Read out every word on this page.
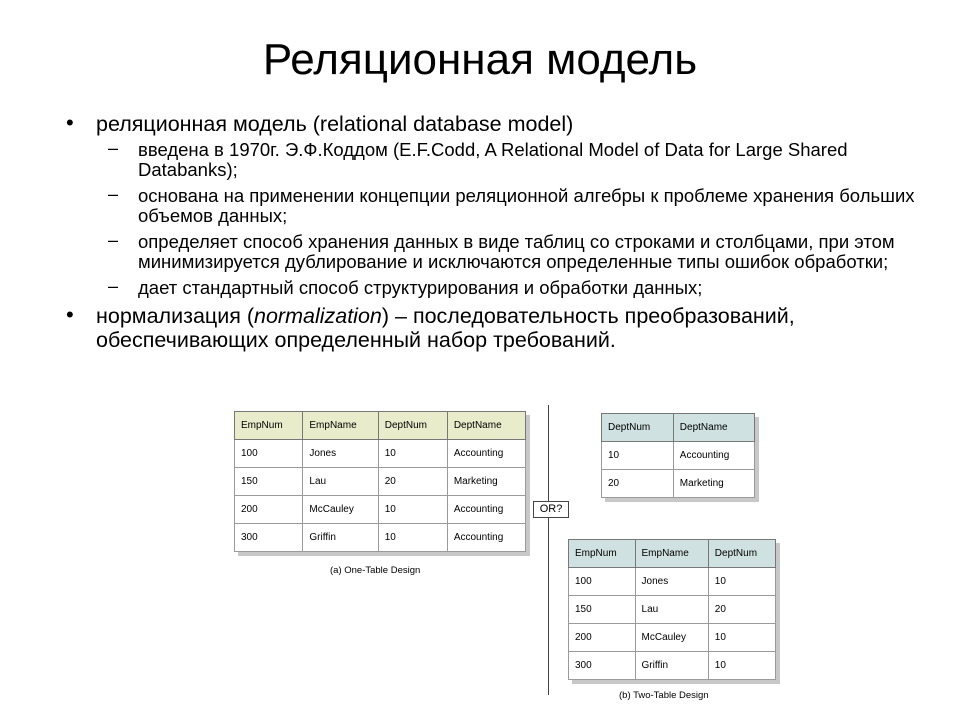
Реляционная модель
• реляционная модель (relational database model)
– введена в 1970г. Э.Ф.Коддом (E.F.Codd, A Relational Model of Data for Large Shared Databanks);
– основана на применении концепции реляционной алгебры к проблеме хранения больших объемов данных;
– определяет способ хранения данных в виде таблиц со строками и столбцами, при этом минимизируется дублирование и исключаются определенные типы ошибок обработки;
– дает стандартный способ структурирования и обработки данных;
• нормализация (normalization) – последовательность преобразований, обеспечивающих определенный набор требований.
EmpNum	EmpName	DeptNum	DeptName
100	Jones	10	Accounting
150	Lau	20	Marketing
200	McCauley	10	Accounting
300	Griffin	10	Accounting
(a) One-Table Design
OR?
DeptNum	DeptName
10	Accounting
20	Marketing
EmpNum	EmpName	DeptNum
100	Jones	10
150	Lau	20
200	McCauley	10
300	Griffin	10
(b) Two-Table Design
